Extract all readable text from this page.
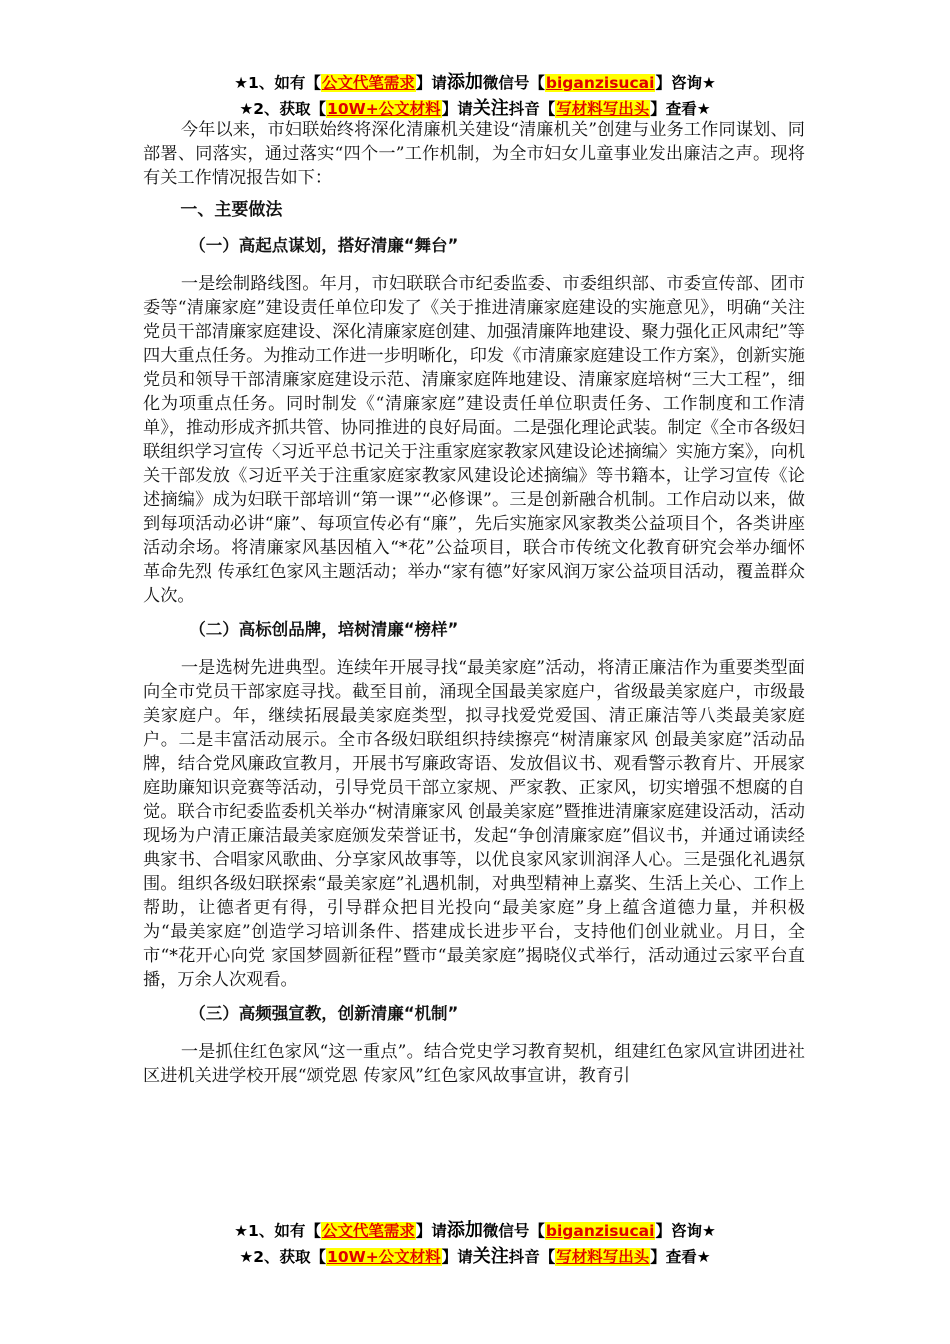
★1、如有【公文代笔需求】请添加微信号【biganzisucai】咨询★
★2、获取【10W+公文材料】请关注抖音【写材料写出头】查看★

今年以来，市妇联始终将深化清廉机关建设“清廉机关”创建与业务工作同谋划、同部署、同落实，通过落实“四个一”工作机制，为全市妇女儿童事业发出廉洁之声。现将有关工作情况报告如下：

一、主要做法
（一）高起点谋划，搭好清廉“舞台”

一是绘制路线图。年月，市妇联联合市纪委监委、市委组织部、市委宣传部、团市委等“清廉家庭”建设责任单位印发了《关于推进清廉家庭建设的实施意见》，明确“关注党员干部清廉家庭建设、深化清廉家庭创建、加强清廉阵地建设、聚力强化正风肃纪”等四大重点任务。为推动工作进一步明晰化，印发《市清廉家庭建设工作方案》，创新实施党员和领导干部清廉家庭建设示范、清廉家庭阵地建设、清廉家庭培树“三大工程”，细化为项重点任务。同时制发《“清廉家庭”建设责任单位职责任务、工作制度和工作清单》，推动形成齐抓共管、协同推进的良好局面。二是强化理论武装。制定《全市各级妇联组织学习宣传〈习近平总书记关于注重家庭家教家风建设论述摘编〉实施方案》，向机关干部发放《习近平关于注重家庭家教家风建设论述摘编》等书籍本，让学习宣传《论述摘编》成为妇联干部培训“第一课”“必修课”。三是创新融合机制。工作启动以来，做到每项活动必讲“廉”、每项宣传必有“廉”，先后实施家风家教类公益项目个，各类讲座活动余场。将清廉家风基因植入“*花”公益项目，联合市传统文化教育研究会举办缅怀革命先烈 传承红色家风主题活动；举办“家有德”好家风润万家公益项目活动，覆盖群众人次。

（二）高标创品牌，培树清廉“榜样”

一是选树先进典型。连续年开展寻找“最美家庭”活动，将清正廉洁作为重要类型面向全市党员干部家庭寻找。截至目前，涌现全国最美家庭户，省级最美家庭户，市级最美家庭户。年，继续拓展最美家庭类型，拟寻找爱党爱国、清正廉洁等八类最美家庭户。二是丰富活动展示。全市各级妇联组织持续擦亮“树清廉家风 创最美家庭”活动品牌，结合党风廉政宣教月，开展书写廉政寄语、发放倡议书、观看警示教育片、开展家庭助廉知识竞赛等活动，引导党员干部立家规、严家教、正家风，切实增强不想腐的自觉。联合市纪委监委机关举办“树清廉家风 创最美家庭”暨推进清廉家庭建设活动，活动现场为户清正廉洁最美家庭颁发荣誉证书，发起“争创清廉家庭”倡议书，并通过诵读经典家书、合唱家风歌曲、分享家风故事等，以优良家风家训润泽人心。三是强化礼遇氛围。组织各级妇联探索“最美家庭”礼遇机制，对典型精神上嘉奖、生活上关心、工作上帮助，让德者更有得，引导群众把目光投向“最美家庭”身上蕴含道德力量，并积极为“最美家庭”创造学习培训条件、搭建成长进步平台，支持他们创业就业。月日，全市“*花开心向党 家国梦圆新征程”暨市“最美家庭”揭晓仪式举行，活动通过云家平台直播，万余人次观看。

（三）高频强宣教，创新清廉“机制”

一是抓住红色家风“这一重点”。结合党史学习教育契机，组建红色家风宣讲团进社区进机关进学校开展“颂党恩 传家风”红色家风故事宣讲，教育引

★1、如有【公文代笔需求】请添加微信号【biganzisucai】咨询★
★2、获取【10W+公文材料】请关注抖音【写材料写出头】查看★
